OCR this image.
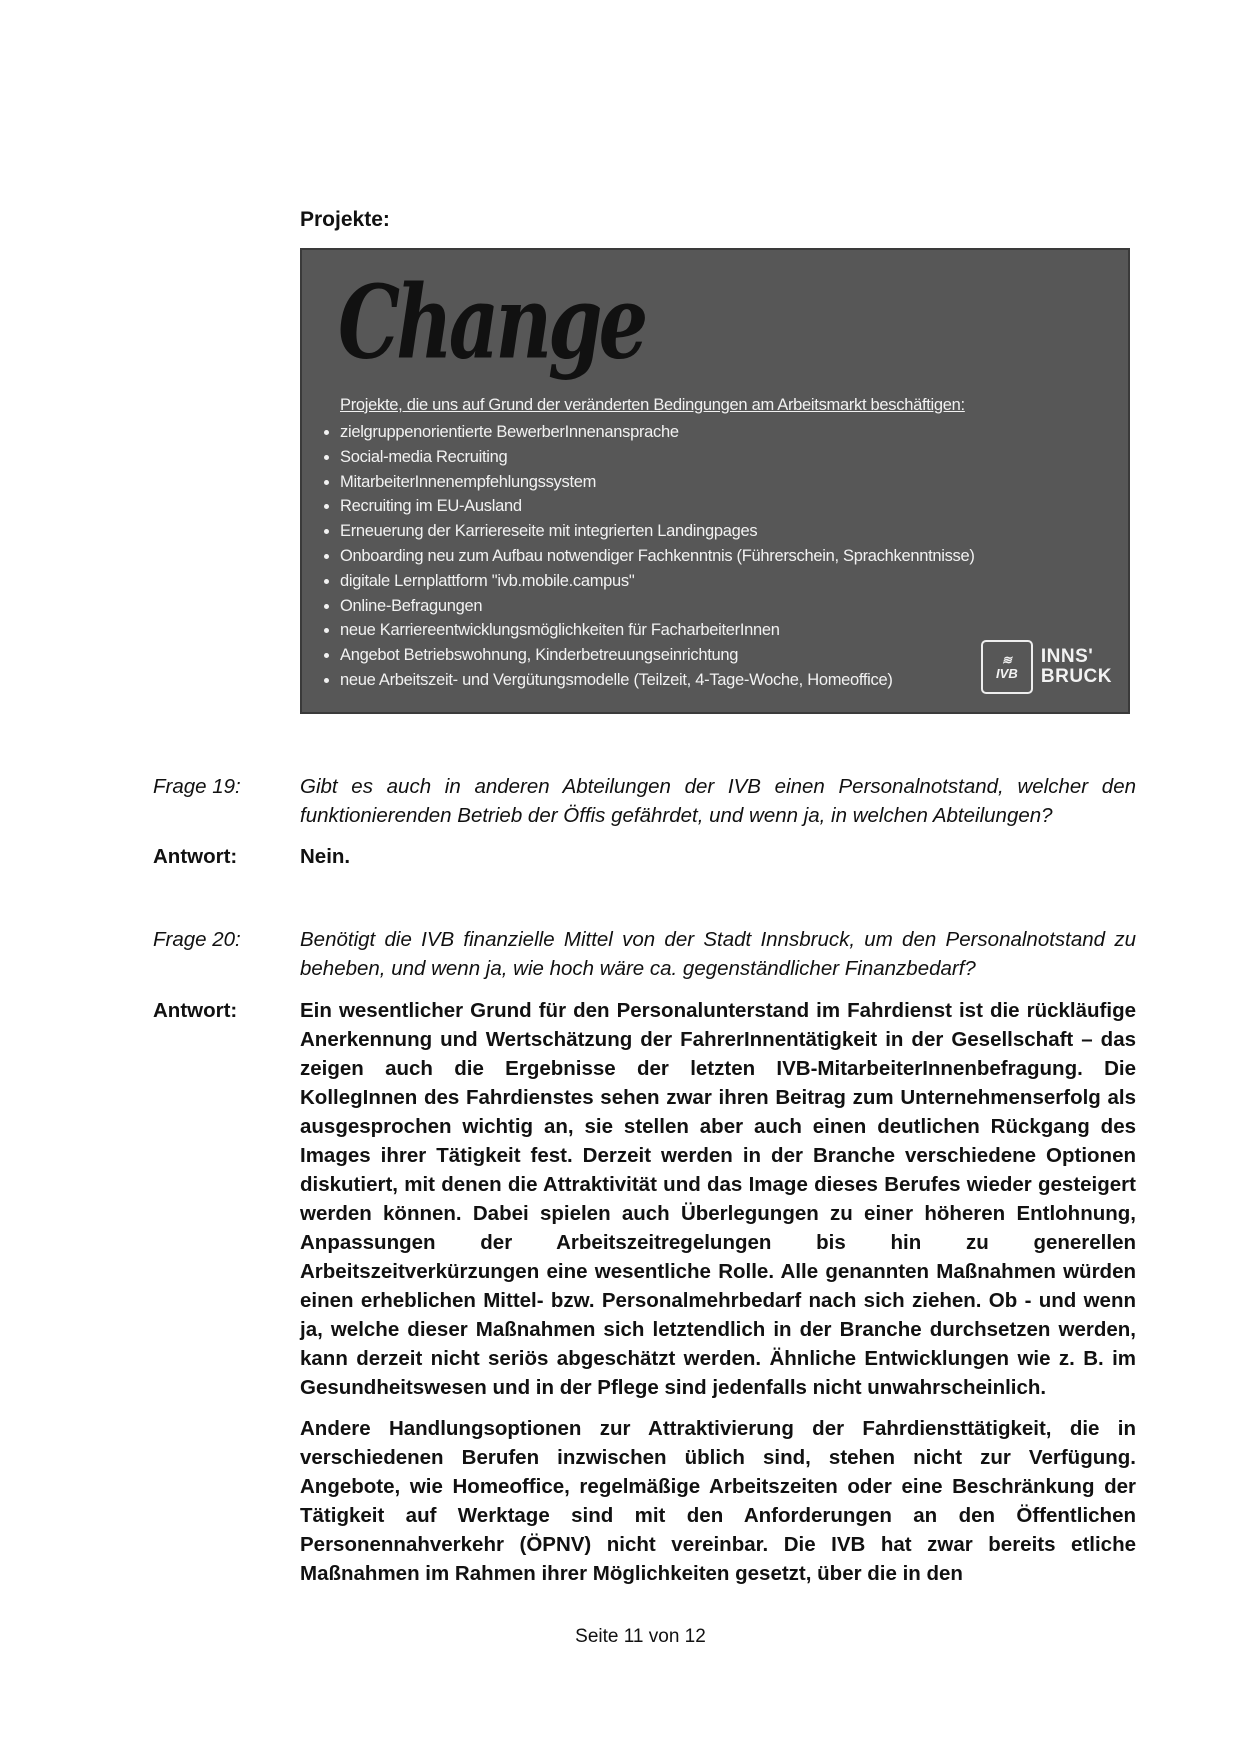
Projekte:
Change
Projekte, die uns auf Grund der veränderten Bedingungen am Arbeitsmarkt beschäftigen:
• zielgruppenorientierte BewerberInnenansprache
• Social-media Recruiting
• MitarbeiterInnenempfehlungssystem
• Recruiting im EU-Ausland
• Erneuerung der Karriereseite mit integrierten Landingpages
• Onboarding neu zum Aufbau notwendiger Fachkenntnis (Führerschein, Sprachkenntnisse)
• digitale Lernplattform "ivb.mobile.campus"
• Online-Befragungen
• neue Karriereentwicklungsmöglichkeiten für FacharbeiterInnen
• Angebot Betriebswohnung, Kinderbetreuungseinrichtung
• neue Arbeitszeit- und Vergütungsmodelle (Teilzeit, 4-Tage-Woche, Homeoffice)
≋
IVB
INNS'
BRUCK
Frage 19:	Gibt es auch in anderen Abteilungen der IVB einen Personalnotstand, welcher den funktionierenden Betrieb der Öffis gefährdet, und wenn ja, in welchen Abteilungen?
Antwort:	Nein.
Frage 20:	Benötigt die IVB finanzielle Mittel von der Stadt Innsbruck, um den Personalnotstand zu beheben, und wenn ja, wie hoch wäre ca. gegenständlicher Finanzbedarf?
Antwort:	Ein wesentlicher Grund für den Personalunterstand im Fahrdienst ist die rückläufige Anerkennung und Wertschätzung der FahrerInnentätigkeit in der Gesellschaft – das zeigen auch die Ergebnisse der letzten IVB-MitarbeiterInnenbefragung. Die KollegInnen des Fahrdienstes sehen zwar ihren Beitrag zum Unternehmenserfolg als ausgesprochen wichtig an, sie stellen aber auch einen deutlichen Rückgang des Images ihrer Tätigkeit fest. Derzeit werden in der Branche verschiedene Optionen diskutiert, mit denen die Attraktivität und das Image dieses Berufes wieder gesteigert werden können. Dabei spielen auch Überlegungen zu einer höheren Entlohnung, Anpassungen der Arbeitszeitregelungen bis hin zu generellen Arbeitszeitverkürzungen eine wesentliche Rolle. Alle genannten Maßnahmen würden einen erheblichen Mittel- bzw. Personalmehrbedarf nach sich ziehen. Ob - und wenn ja, welche dieser Maßnahmen sich letztendlich in der Branche durchsetzen werden, kann derzeit nicht seriös abgeschätzt werden. Ähnliche Entwicklungen wie z. B. im Gesundheitswesen und in der Pflege sind jedenfalls nicht unwahrscheinlich.

Andere Handlungsoptionen zur Attraktivierung der Fahrdiensttätigkeit, die in verschiedenen Berufen inzwischen üblich sind, stehen nicht zur Verfügung. Angebote, wie Homeoffice, regelmäßige Arbeitszeiten oder eine Beschränkung der Tätigkeit auf Werktage sind mit den Anforderungen an den Öffentlichen Personennahverkehr (ÖPNV) nicht vereinbar. Die IVB hat zwar bereits etliche Maßnahmen im Rahmen ihrer Möglichkeiten gesetzt, über die in den

Seite 11 von 12
